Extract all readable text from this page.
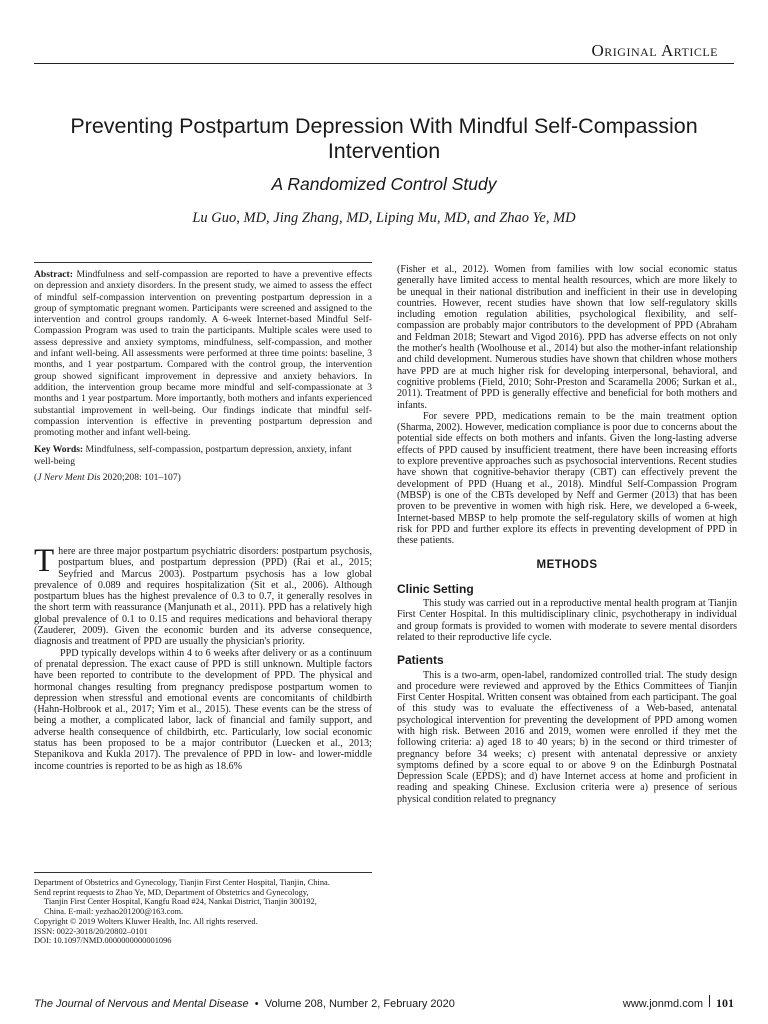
Original Article
Preventing Postpartum Depression With Mindful Self-Compassion Intervention
A Randomized Control Study
Lu Guo, MD, Jing Zhang, MD, Liping Mu, MD, and Zhao Ye, MD

Abstract: Mindfulness and self-compassion are reported to have a preventive effects on depression and anxiety disorders. In the present study, we aimed to assess the effect of mindful self-compassion intervention on preventing postpartum depression in a group of symptomatic pregnant women. Participants were screened and assigned to the intervention and control groups randomly. A 6-week Internet-based Mindful Self-Compassion Program was used to train the participants. Multiple scales were used to assess depressive and anxiety symptoms, mindfulness, self-compassion, and mother and infant well-being. All assessments were performed at three time points: baseline, 3 months, and 1 year postpartum. Compared with the control group, the intervention group showed significant improvement in depressive and anxiety behaviors. In addition, the intervention group became more mindful and self-compassionate at 3 months and 1 year postpartum. More importantly, both mothers and infants experienced substantial improvement in well-being. Our findings indicate that mindful self-compassion intervention is effective in preventing postpartum depression and promoting mother and infant well-being.

Key Words: Mindfulness, self-compassion, postpartum depression, anxiety, infant well-being

(J Nerv Ment Dis 2020;208: 101–107)

There are three major postpartum psychiatric disorders: postpartum psychosis, postpartum blues, and postpartum depression (PPD) (Rai et al., 2015; Seyfried and Marcus 2003). Postpartum psychosis has a low global prevalence of 0.089 and requires hospitalization (Sit et al., 2006). Although postpartum blues has the highest prevalence of 0.3 to 0.7, it generally resolves in the short term with reassurance (Manjunath et al., 2011). PPD has a relatively high global prevalence of 0.1 to 0.15 and requires medications and behavioral therapy (Zauderer, 2009). Given the economic burden and its adverse consequence, diagnosis and treatment of PPD are usually the physician's priority.

PPD typically develops within 4 to 6 weeks after delivery or as a continuum of prenatal depression. The exact cause of PPD is still unknown. Multiple factors have been reported to contribute to the development of PPD. The physical and hormonal changes resulting from pregnancy predispose postpartum women to depression when stressful and emotional events are concomitants of childbirth (Hahn-Holbrook et al., 2017; Yim et al., 2015). These events can be the stress of being a mother, a complicated labor, lack of financial and family support, and adverse health consequence of childbirth, etc. Particularly, low social economic status has been proposed to be a major contributor (Luecken et al., 2013; Stepanikova and Kukla 2017). The prevalence of PPD in low- and lower-middle income countries is reported to be as high as 18.6%

(Fisher et al., 2012). Women from families with low social economic status generally have limited access to mental health resources, which are more likely to be unequal in their national distribution and inefficient in their use in developing countries. However, recent studies have shown that low self-regulatory skills including emotion regulation abilities, psychological flexibility, and self-compassion are probably major contributors to the development of PPD (Abraham and Feldman 2018; Stewart and Vigod 2016). PPD has adverse effects on not only the mother's health (Woolhouse et al., 2014) but also the mother-infant relationship and child development. Numerous studies have shown that children whose mothers have PPD are at much higher risk for developing interpersonal, behavioral, and cognitive problems (Field, 2010; Sohr-Preston and Scaramella 2006; Surkan et al., 2011). Treatment of PPD is generally effective and beneficial for both mothers and infants.

For severe PPD, medications remain to be the main treatment option (Sharma, 2002). However, medication compliance is poor due to concerns about the potential side effects on both mothers and infants. Given the long-lasting adverse effects of PPD caused by insufficient treatment, there have been increasing efforts to explore preventive approaches such as psychosocial interventions. Recent studies have shown that cognitive-behavior therapy (CBT) can effectively prevent the development of PPD (Huang et al., 2018). Mindful Self-Compassion Program (MBSP) is one of the CBTs developed by Neff and Germer (2013) that has been proven to be preventive in women with high risk. Here, we developed a 6-week, Internet-based MBSP to help promote the self-regulatory skills of women at high risk for PPD and further explore its effects in preventing development of PPD in these patients.

METHODS
Clinic Setting

This study was carried out in a reproductive mental health program at Tianjin First Center Hospital. In this multidisciplinary clinic, psychotherapy in individual and group formats is provided to women with moderate to severe mental disorders related to their reproductive life cycle.

Patients

This is a two-arm, open-label, randomized controlled trial. The study design and procedure were reviewed and approved by the Ethics Committees of Tianjin First Center Hospital. Written consent was obtained from each participant. The goal of this study was to evaluate the effectiveness of a Web-based, antenatal psychological intervention for preventing the development of PPD among women with high risk. Between 2016 and 2019, women were enrolled if they met the following criteria: a) aged 18 to 40 years; b) in the second or third trimester of pregnancy before 34 weeks; c) present with antenatal depressive or anxiety symptoms defined by a score equal to or above 9 on the Edinburgh Postnatal Depression Scale (EPDS); and d) have Internet access at home and proficient in reading and speaking Chinese. Exclusion criteria were a) presence of serious physical condition related to pregnancy

Department of Obstetrics and Gynecology, Tianjin First Center Hospital, Tianjin, China.
Send reprint requests to Zhao Ye, MD, Department of Obstetrics and Gynecology,
Tianjin First Center Hospital, Kangfu Road #24, Nankai District, Tianjin 300192,
China. E-mail: yezhao201200@163.com.
Copyright © 2019 Wolters Kluwer Health, Inc. All rights reserved.
ISSN: 0022-3018/20/20802–0101
DOI: 10.1097/NMD.0000000000001096
The Journal of Nervous and Mental Disease • Volume 208, Number 2, February 2020	www.jonmd.com 101
